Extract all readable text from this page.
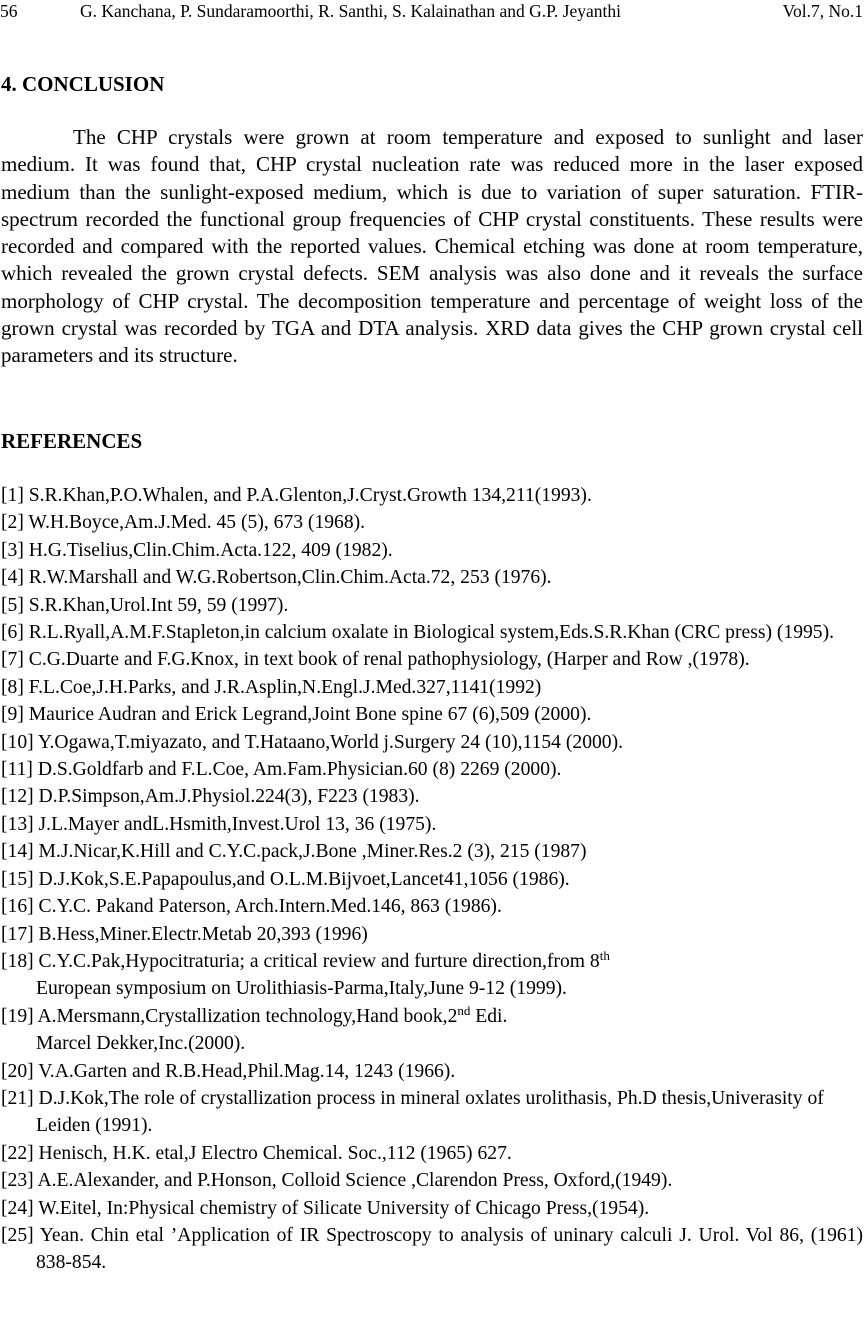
56	G. Kanchana, P. Sundaramoorthi, R. Santhi, S. Kalainathan and G.P. Jeyanthi	Vol.7, No.1
4. CONCLUSION

The CHP crystals were grown at room temperature and exposed to sunlight and laser medium. It was found that, CHP crystal nucleation rate was reduced more in the laser exposed medium than the sunlight-exposed medium, which is due to variation of super saturation. FTIR-spectrum recorded the functional group frequencies of CHP crystal constituents. These results were recorded and compared with the reported values. Chemical etching was done at room temperature, which revealed the grown crystal defects. SEM analysis was also done and it reveals the surface morphology of CHP crystal. The decomposition temperature and percentage of weight loss of the grown crystal was recorded by TGA and DTA analysis. XRD data gives the CHP grown crystal cell parameters and its structure.

REFERENCES
[1] S.R.Khan,P.O.Whalen, and P.A.Glenton,J.Cryst.Growth 134,211(1993).
[2] W.H.Boyce,Am.J.Med. 45 (5), 673 (1968).
[3] H.G.Tiselius,Clin.Chim.Acta.122, 409 (1982).
[4] R.W.Marshall and W.G.Robertson,Clin.Chim.Acta.72, 253 (1976).
[5] S.R.Khan,Urol.Int 59, 59 (1997).
[6] R.L.Ryall,A.M.F.Stapleton,in calcium oxalate in Biological system,Eds.S.R.Khan (CRC press) (1995).
[7] C.G.Duarte and F.G.Knox, in text book of renal pathophysiology, (Harper and Row ,(1978).
[8] F.L.Coe,J.H.Parks, and J.R.Asplin,N.Engl.J.Med.327,1141(1992)
[9] Maurice Audran and Erick Legrand,Joint Bone spine 67 (6),509 (2000).
[10] Y.Ogawa,T.miyazato, and T.Hataano,World j.Surgery 24 (10),1154 (2000).
[11] D.S.Goldfarb and F.L.Coe, Am.Fam.Physician.60 (8) 2269 (2000).
[12] D.P.Simpson,Am.J.Physiol.224(3), F223 (1983).
[13] J.L.Mayer andL.Hsmith,Invest.Urol 13, 36 (1975).
[14] M.J.Nicar,K.Hill and C.Y.C.pack,J.Bone ,Miner.Res.2 (3), 215 (1987)
[15] D.J.Kok,S.E.Papapoulus,and O.L.M.Bijvoet,Lancet41,1056 (1986).
[16] C.Y.C. Pakand Paterson, Arch.Intern.Med.146, 863 (1986).
[17] B.Hess,Miner.Electr.Metab 20,393 (1996)
[18] C.Y.C.Pak,Hypocitraturia; a critical review and furture direction,from 8th
European symposium on Urolithiasis-Parma,Italy,June 9-12 (1999).
[19] A.Mersmann,Crystallization technology,Hand book,2nd Edi.
Marcel Dekker,Inc.(2000).
[20] V.A.Garten and R.B.Head,Phil.Mag.14, 1243 (1966).
[21] D.J.Kok,The role of crystallization process in mineral oxlates urolithasis, Ph.D thesis,Univerasity of Leiden (1991).
[22] Henisch, H.K. etal,J Electro Chemical. Soc.,112 (1965) 627.
[23] A.E.Alexander, and P.Honson, Colloid Science ,Clarendon Press, Oxford,(1949).
[24] W.Eitel, In:Physical chemistry of Silicate University of Chicago Press,(1954).
[25] Yean. Chin etal ’Application of IR Spectroscopy to analysis of uninary calculi J. Urol. Vol 86, (1961) 838-854.
